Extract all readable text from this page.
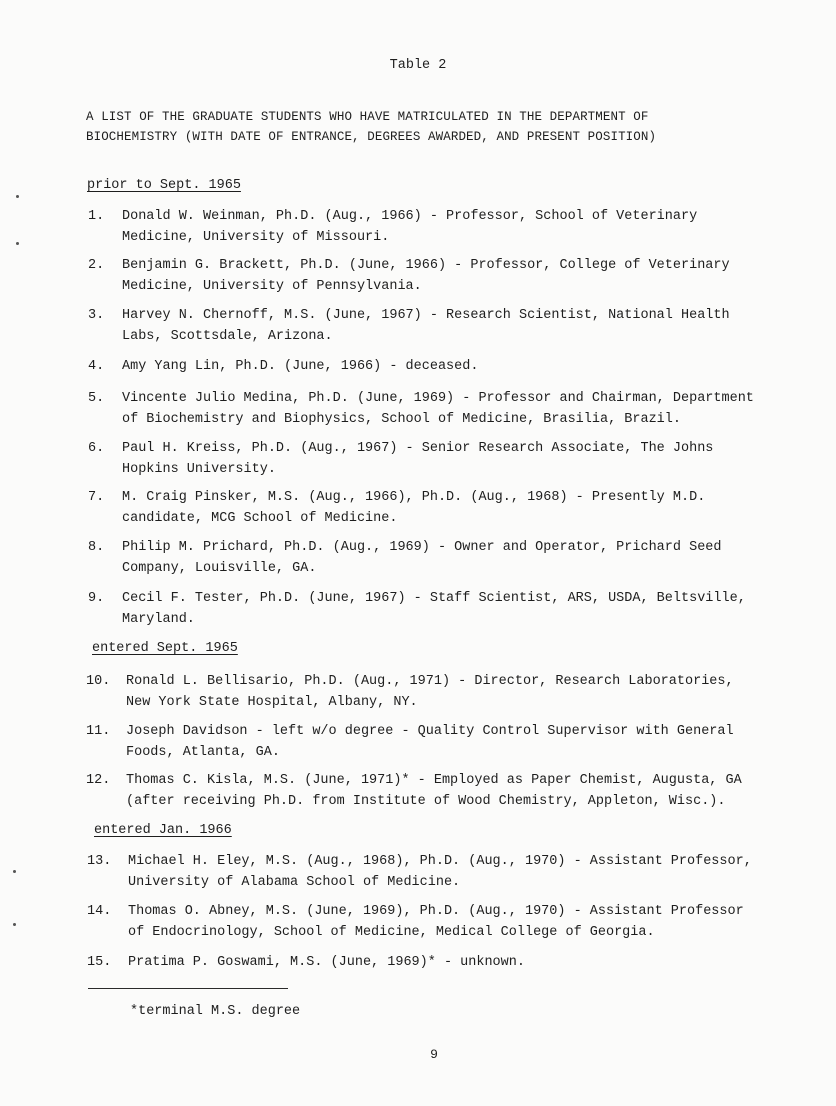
Table 2
A LIST OF THE GRADUATE STUDENTS WHO HAVE MATRICULATED IN THE DEPARTMENT OF
BIOCHEMISTRY (WITH DATE OF ENTRANCE, DEGREES AWARDED, AND PRESENT POSITION)
prior to Sept. 1965
1. Donald W. Weinman, Ph.D. (Aug., 1966) - Professor, School of Veterinary
Medicine, University of Missouri.
2. Benjamin G. Brackett, Ph.D. (June, 1966) - Professor, College of Veterinary
Medicine, University of Pennsylvania.
3. Harvey N. Chernoff, M.S. (June, 1967) - Research Scientist, National Health
Labs, Scottsdale, Arizona.
4. Amy Yang Lin, Ph.D. (June, 1966) - deceased.
5. Vincente Julio Medina, Ph.D. (June, 1969) - Professor and Chairman, Department
of Biochemistry and Biophysics, School of Medicine, Brasilia, Brazil.
6. Paul H. Kreiss, Ph.D. (Aug., 1967) - Senior Research Associate, The Johns
Hopkins University.
7. M. Craig Pinsker, M.S. (Aug., 1966), Ph.D. (Aug., 1968) - Presently M.D.
candidate, MCG School of Medicine.
8. Philip M. Prichard, Ph.D. (Aug., 1969) - Owner and Operator, Prichard Seed
Company, Louisville, GA.
9. Cecil F. Tester, Ph.D. (June, 1967) - Staff Scientist, ARS, USDA, Beltsville,
Maryland.
entered Sept. 1965
10. Ronald L. Bellisario, Ph.D. (Aug., 1971) - Director, Research Laboratories,
New York State Hospital, Albany, NY.
11. Joseph Davidson - left w/o degree - Quality Control Supervisor with General
Foods, Atlanta, GA.
12. Thomas C. Kisla, M.S. (June, 1971)* - Employed as Paper Chemist, Augusta, GA
(after receiving Ph.D. from Institute of Wood Chemistry, Appleton, Wisc.).
entered Jan. 1966
13. Michael H. Eley, M.S. (Aug., 1968), Ph.D. (Aug., 1970) - Assistant Professor,
University of Alabama School of Medicine.
14. Thomas O. Abney, M.S. (June, 1969), Ph.D. (Aug., 1970) - Assistant Professor
of Endocrinology, School of Medicine, Medical College of Georgia.
15. Pratima P. Goswami, M.S. (June, 1969)* - unknown.
*terminal M.S. degree
9
